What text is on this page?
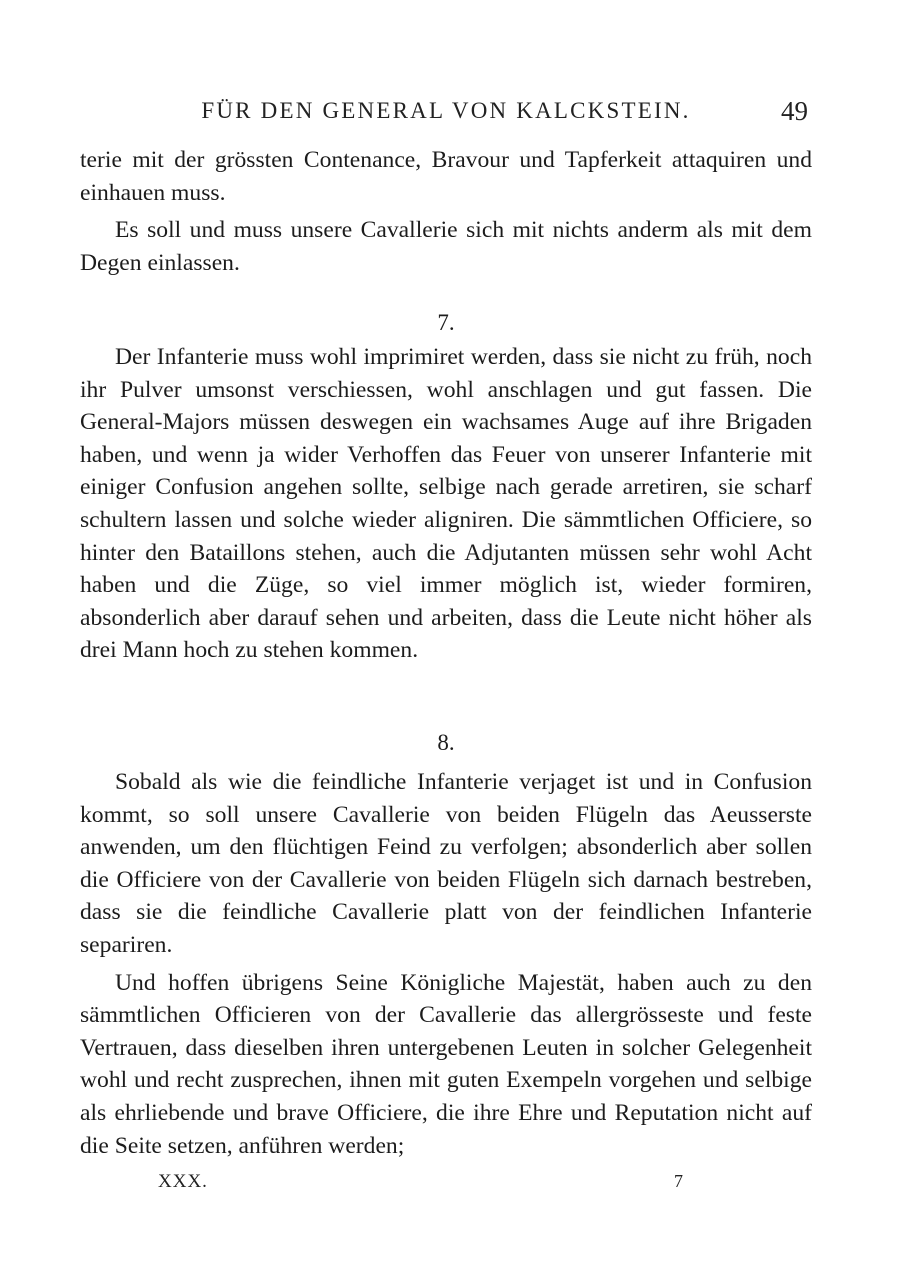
FÜR DEN GENERAL VON KALCKSTEIN.	49

terie mit der grössten Contenance, Bravour und Tapferkeit attaquiren und einhauen muss.

Es soll und muss unsere Cavallerie sich mit nichts anderm als mit dem Degen einlassen.

7.

Der Infanterie muss wohl imprimiret werden, dass sie nicht zu früh, noch ihr Pulver umsonst verschiessen, wohl anschlagen und gut fassen. Die General-Majors müssen deswegen ein wachsames Auge auf ihre Brigaden haben, und wenn ja wider Verhoffen das Feuer von unserer Infanterie mit einiger Confusion angehen sollte, selbige nach gerade arretiren, sie scharf schultern lassen und solche wieder aligniren. Die sämmtlichen Officiere, so hinter den Bataillons stehen, auch die Adjutanten müssen sehr wohl Acht haben und die Züge, so viel immer möglich ist, wieder formiren, absonderlich aber darauf sehen und arbeiten, dass die Leute nicht höher als drei Mann hoch zu stehen kommen.

8.

Sobald als wie die feindliche Infanterie verjaget ist und in Confusion kommt, so soll unsere Cavallerie von beiden Flügeln das Aeusserste anwenden, um den flüchtigen Feind zu verfolgen; absonderlich aber sollen die Officiere von der Cavallerie von beiden Flügeln sich darnach bestreben, dass sie die feindliche Cavallerie platt von der feindlichen Infanterie separiren.

Und hoffen übrigens Seine Königliche Majestät, haben auch zu den sämmtlichen Officieren von der Cavallerie das allergrösseste und feste Vertrauen, dass dieselben ihren untergebenen Leuten in solcher Gelegenheit wohl und recht zusprechen, ihnen mit guten Exempeln vorgehen und selbige als ehrliebende und brave Officiere, die ihre Ehre und Reputation nicht auf die Seite setzen, anführen werden;

XXX.	7
